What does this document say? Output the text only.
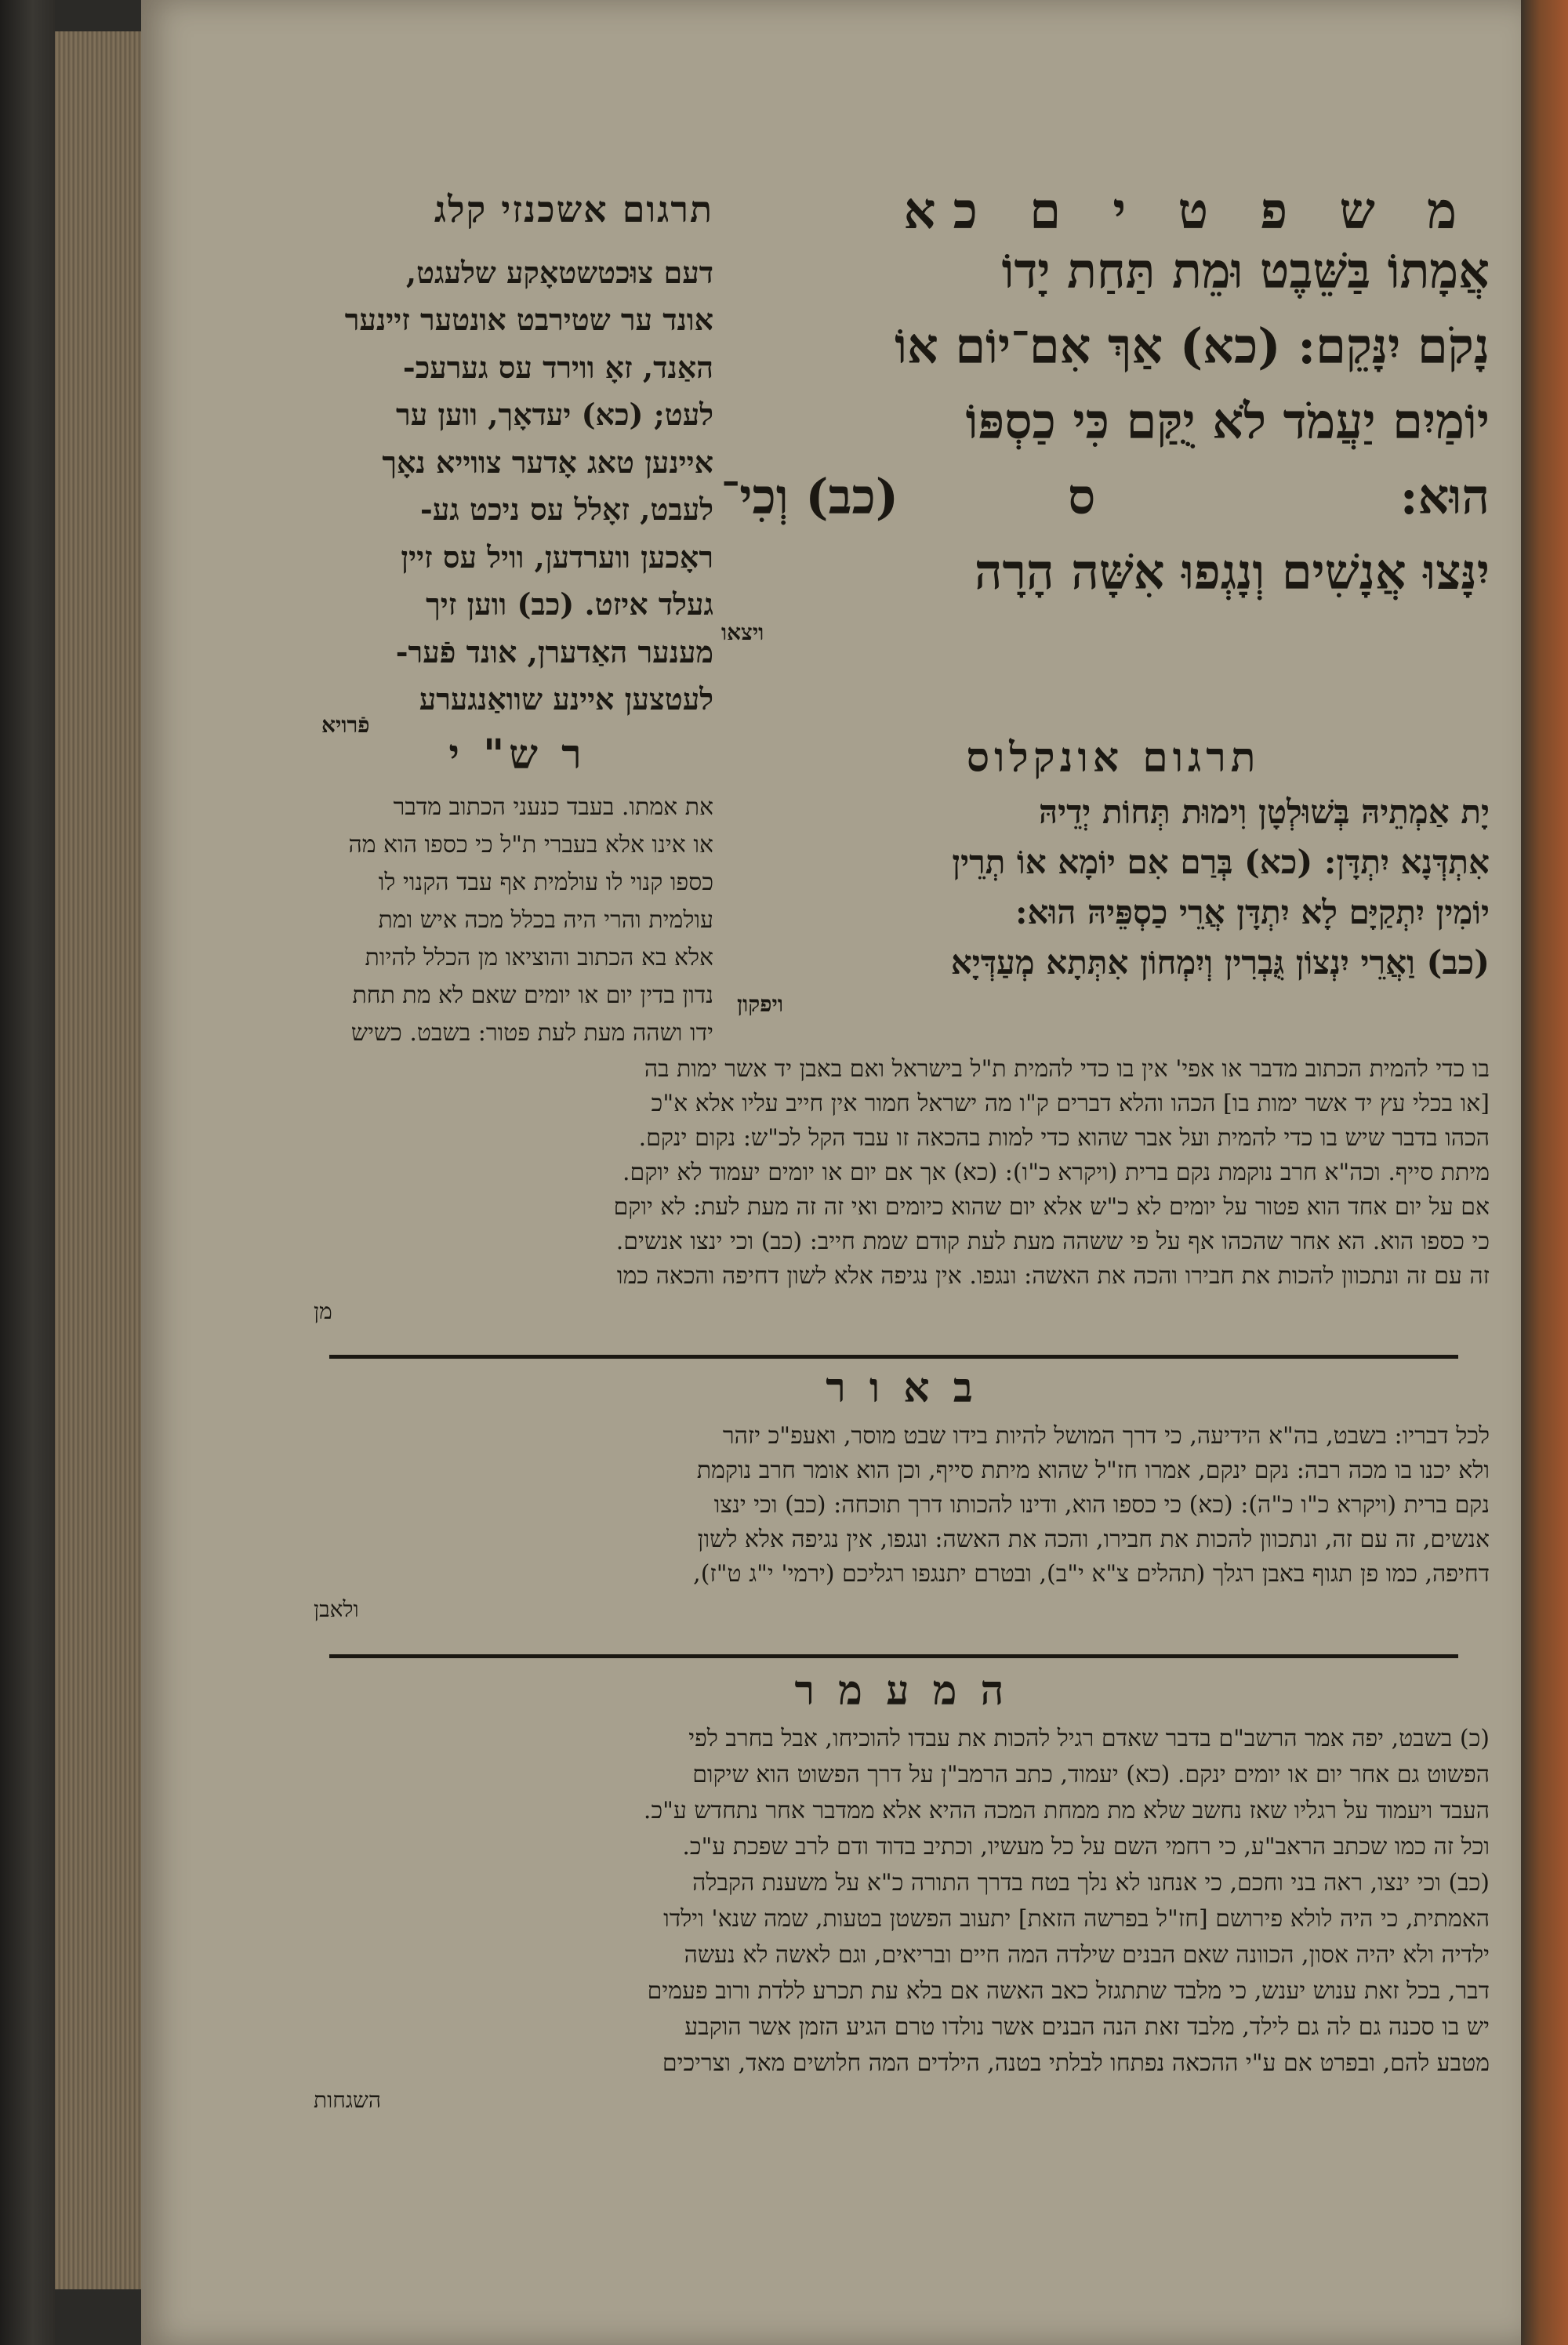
מ ש פ ט י ם כא
תרגום אשכנזי קלג
אֲמָתוֹ בַּשֵּׁבֶט וּמֵת תַּחַת יָדוֹ
נָקֹם יִנָּקֵם: (כא) אַךְ אִם־יוֹם אוֹ
יוֹמַיִם יַעֲמֹד לֹא יֻקַּם כִּי כַסְפּוֹ
הוּא:                  ס          (כב) וְכִי־
יִנָּצוּ אֲנָשִׁים וְנָגְפוּ אִשָּׁה הָרָה
ויצאו
דעם צוּכטשטאָקע שלעגט,
אונד ער שטירבט אונטער זיינער
האַנד, זאָ ווירד עס גערעכ-
לעט; (כא) יעדאָך, ווען ער
איינען טאג אָדער צווייא נאָך
לעבט, זאָלל עס ניכט גע-
ראָכען ווערדען, וויל עס זיין
געלד איזט. (כב) ווען זיך
מענער האַדערן, אונד פֿער-
לעטצען איינע שוואַנגערע
פֿרויא
תרגום אונקלוס
יָת אַמְתֵיהּ בְּשׁוּלְטָן וִימוּת תְּחוֹת יְדֵיהּ
אִתְדְּנָא יִתְדָּן: (כא) בְּרַם אִם יוֹמָא אוֹ תְרֵין
יוֹמִין יִתְקַיָּם לָא יִתְדָּן אֲרֵי כַסְפֵּיהּ הוּא:
(כב) וַאֲרֵי יִנְצוֹן גֻּבְרִין וְיִמְחוֹן אִתְּתָא מְעַדְּיָא
ויפקון
ר ש" י
את אמתו. בעבד כנעני הכתוב מדבר
או אינו אלא בעברי ת"ל כי כספו הוא מה
כספו קנוי לו עולמית אף עבד הקנוי לו
עולמית והרי היה בכלל מכה איש ומת
אלא בא הכתוב והוציאו מן הכלל להיות
נדון בדין יום או יומים שאם לא מת תחת
ידו ושהה מעת לעת פטור: בשבט. כשיש
בו כדי להמית הכתוב מדבר או אפי' אין בו כדי להמית ת"ל בישראל ואם באבן יד אשר ימות בה
[או בכלי עץ יד אשר ימות בו] הכהו והלא דברים ק"ו מה ישראל חמור אין חייב עליו אלא א"כ
הכהו בדבר שיש בו כדי להמית ועל אבר שהוא כדי למות בהכאה זו עבד הקל לכ"ש: נקום ינקם.
מיתת סייף. וכה"א חרב נוקמת נקם ברית (ויקרא כ"ו): (כא) אך אם יום או יומים יעמוד לא יוקם.
אם על יום אחד הוא פטור על יומים לא כ"ש אלא יום שהוא כיומים ואי זה זה מעת לעת: לא יוקם
כי כספו הוא. הא אחר שהכהו אף על פי ששהה מעת לעת קודם שמת חייב: (כב) וכי ינצו אנשים.
זה עם זה ונתכוון להכות את חבירו והכה את האשה: ונגפו. אין נגיפה אלא לשון דחיפה והכאה כמו
מן
ב א ו ר
לכל דבריו: בשבט, בה"א הידיעה, כי דרך המושל להיות בידו שבט מוסר, ואעפ"כ יזהר
ולא יכנו בו מכה רבה: נקם ינקם, אמרו חז"ל שהוא מיתת סייף, וכן הוא אומר חרב נוקמת
נקם ברית (ויקרא כ"ו כ"ה): (כא) כי כספו הוא, ודינו להכותו דרך תוכחה: (כב) וכי ינצו
אנשים, זה עם זה, ונתכוון להכות את חבירו, והכה את האשה: ונגפו, אין נגיפה אלא לשון
דחיפה, כמו פן תגוף באבן רגלך (תהלים צ"א י"ב), ובטרם יתנגפו רגליכם (ירמי' י"ג ט"ז),
ולאבן
ה מ ע מ ר
(כ) בשבט, יפה אמר הרשב"ם בדבר שאדם רגיל להכות את עבדו להוכיחו, אבל בחרב לפי
הפשוט גם אחר יום או יומים ינקם. (כא) יעמוד, כתב הרמב"ן על דרך הפשוט הוא שיקום
העבד ויעמוד על רגליו שאז נחשב שלא מת ממחת המכה ההיא אלא ממדבר אחר נתחדש ע"כ.
וכל זה כמו שכתב הראב"ע, כי רחמי השם על כל מעשיו, וכתיב בדוד ודם לרב שפכת ע"כ.
(כב) וכי ינצו, ראה בני וחכם, כי אנחנו לא נלך בטח בדרך התורה כ"א על משענת הקבלה
האמתית, כי היה לולא פירושם [חז"ל בפרשה הזאת] יתעוב הפשטן בטעות, שמה שנא' וילדו
ילדיה ולא יהיה אסון, הכוונה שאם הבנים שילדה המה חיים ובריאים, וגם לאשה לא נעשה
דבר, בכל זאת ענוש יענש, כי מלבד שתתגזל כאב האשה אם בלא עת תכרע ללדת ורוב פעמים
יש בו סכנה גם לה גם לילד, מלבד זאת הנה הבנים אשר נולדו טרם הגיע הזמן אשר הוקבע
מטבע להם, ובפרט אם ע"י ההכאה נפתחו לבלתי בטנה, הילדים המה חלושים מאד, וצריכים
השגחות
